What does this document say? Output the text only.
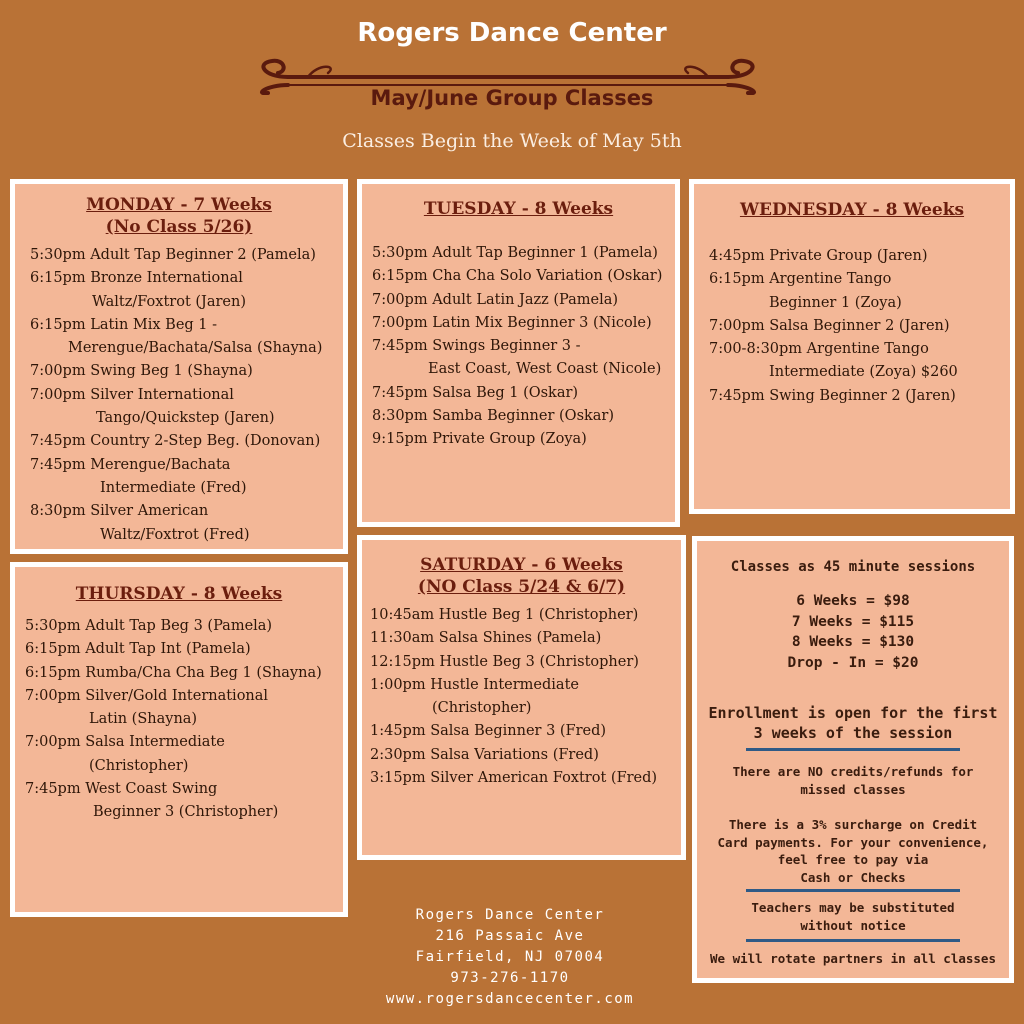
Rogers Dance Center
May/June Group Classes
Classes Begin the Week of May 5th
MONDAY - 7 Weeks
(No Class 5/26)
5:30pm Adult Tap Beginner 2 (Pamela)
6:15pm Bronze International
Waltz/Foxtrot (Jaren)
6:15pm Latin Mix Beg 1 -
Merengue/Bachata/Salsa (Shayna)
7:00pm Swing Beg 1 (Shayna)
7:00pm Silver International
Tango/Quickstep (Jaren)
7:45pm Country 2-Step Beg. (Donovan)
7:45pm Merengue/Bachata
Intermediate (Fred)
8:30pm Silver American
Waltz/Foxtrot (Fred)
TUESDAY - 8 Weeks
5:30pm Adult Tap Beginner 1 (Pamela)
6:15pm Cha Cha Solo Variation (Oskar)
7:00pm Adult Latin Jazz (Pamela)
7:00pm Latin Mix Beginner 3 (Nicole)
7:45pm Swings Beginner 3 -
East Coast, West Coast (Nicole)
7:45pm Salsa Beg 1 (Oskar)
8:30pm Samba Beginner (Oskar)
9:15pm Private Group (Zoya)
WEDNESDAY - 8 Weeks
4:45pm Private Group (Jaren)
6:15pm Argentine Tango
Beginner 1 (Zoya)
7:00pm Salsa Beginner 2 (Jaren)
7:00-8:30pm Argentine Tango
Intermediate (Zoya) $260
7:45pm Swing Beginner 2 (Jaren)
THURSDAY - 8 Weeks
5:30pm Adult Tap Beg 3 (Pamela)
6:15pm Adult Tap Int (Pamela)
6:15pm Rumba/Cha Cha Beg 1 (Shayna)
7:00pm Silver/Gold International
Latin (Shayna)
7:00pm Salsa Intermediate
(Christopher)
7:45pm West Coast Swing
Beginner 3 (Christopher)
SATURDAY - 6 Weeks
(NO Class 5/24 & 6/7)
10:45am Hustle Beg 1 (Christopher)
11:30am Salsa Shines (Pamela)
12:15pm Hustle Beg 3 (Christopher)
1:00pm Hustle Intermediate
(Christopher)
1:45pm Salsa Beginner 3 (Fred)
2:30pm Salsa Variations (Fred)
3:15pm Silver American Foxtrot (Fred)
Classes as 45 minute sessions
6 Weeks = $98
7 Weeks = $115
8 Weeks = $130
Drop - In = $20
Enrollment is open for the first
3 weeks of the session
There are NO credits/refunds for
missed classes
There is a 3% surcharge on Credit
Card payments. For your convenience,
feel free to pay via
Cash or Checks
Teachers may be substituted
without notice
We will rotate partners in all classes
Rogers Dance Center
216 Passaic Ave
Fairfield, NJ 07004
973-276-1170
www.rogersdancecenter.com
